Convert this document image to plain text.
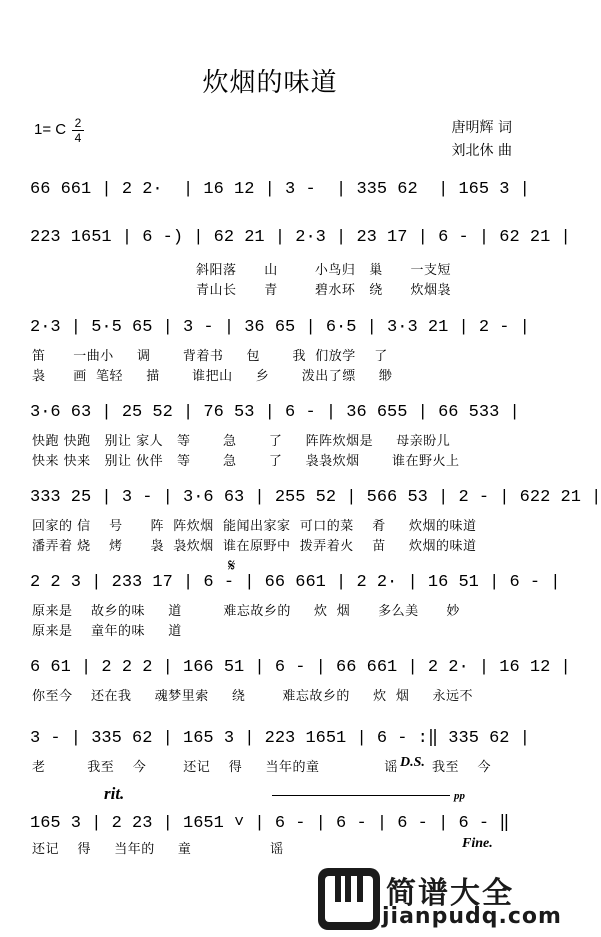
炊烟的味道
1= C 2
4
唐明辉 词
刘北休 曲
66 661 | 2 2·  | 16 12 | 3 -  | 335 62  | 165 3 |
223 1651 | 6 -) | 62 21 | 2·3 | 23 17 | 6 - | 62 21 |
斜阳落      山        小鸟归   巢      一支短
青山长      青        碧水环   绕      炊烟袅
2·3 | 5·5 65 | 3 - | 36 65 | 6·5 | 3·3 21 | 2 - |
笛      一曲小     调       背着书     包       我  们放学    了
袅      画  笔轻     描       谁把山     乡       泼出了缥     缈
3·6 63 | 25 52 | 76 53 | 6 - | 36 655 | 66 533 |
快跑 快跑   别让 家人   等       急       了     阵阵炊烟是     母亲盼儿
快来 快来   别让 伙伴   等       急       了     袅袅炊烟       谁在野火上
333 25 | 3 - | 3·6 63 | 255 52 | 566 53 | 2 - | 622 21 |
回家的 信    号      阵  阵炊烟  能闻出家家  可口的菜    肴     炊烟的味道
潘弄着 烧    烤      袅  袅炊烟  谁在原野中  拨弄着火    苗     炊烟的味道
𝄋
2 2 3 | 233 17 | 6 - | 66 661 | 2 2· | 16 51 | 6 - |
原来是    故乡的味     道         难忘故乡的     炊  烟      多么美      妙
原来是    童年的味     道
6 61 | 2 2 2 | 166 51 | 6 - | 66 661 | 2 2· | 16 12 |
你至今    还在我     魂梦里索     绕        难忘故乡的     炊  烟     永远不
3 - | 335 62 | 165 3 | 223 1651 | 6 - :‖ 335 62 |
老         我至    今        还记    得     当年的童              谣 D.S. 我至    今
rit.	pp
165 3 | 2 23 | 1651 ˅ | 6 - | 6 - | 6 - | 6 - ‖
还记    得     当年的     童                 谣	Fine.
简谱大全
jianpudq.com
